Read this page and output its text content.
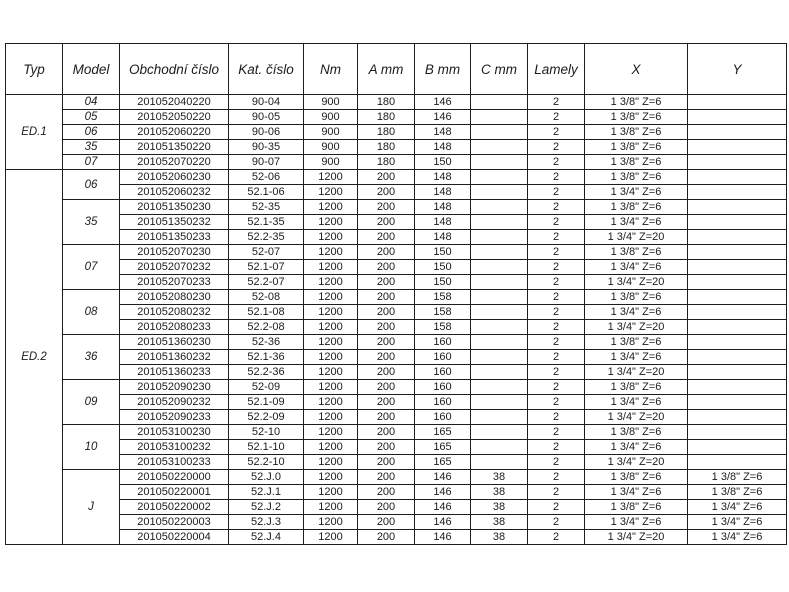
Typ	Model	Obchodní číslo	Kat. číslo	Nm	A mm	B mm	C mm	Lamely	X	Y
ED.1	04	201052040220	90-04	900	180	146		2	1 3/8" Z=6	
	05	201052050220	90-05	900	180	146		2	1 3/8" Z=6	
	06	201052060220	90-06	900	180	148		2	1 3/8" Z=6	
	35	201051350220	90-35	900	180	148		2	1 3/8" Z=6	
	07	201052070220	90-07	900	180	150		2	1 3/8" Z=6	
ED.2	06	201052060230	52-06	1200	200	148		2	1 3/8" Z=6	
		201052060232	52.1-06	1200	200	148		2	1 3/4" Z=6	
	35	201051350230	52-35	1200	200	148		2	1 3/8" Z=6	
		201051350232	52.1-35	1200	200	148		2	1 3/4" Z=6	
		201051350233	52.2-35	1200	200	148		2	1 3/4" Z=20	
	07	201052070230	52-07	1200	200	150		2	1 3/8" Z=6	
		201052070232	52.1-07	1200	200	150		2	1 3/4" Z=6	
		201052070233	52.2-07	1200	200	150		2	1 3/4" Z=20	
	08	201052080230	52-08	1200	200	158		2	1 3/8" Z=6	
		201052080232	52.1-08	1200	200	158		2	1 3/4" Z=6	
		201052080233	52.2-08	1200	200	158		2	1 3/4" Z=20	
	36	201051360230	52-36	1200	200	160		2	1 3/8" Z=6	
		201051360232	52.1-36	1200	200	160		2	1 3/4" Z=6	
		201051360233	52.2-36	1200	200	160		2	1 3/4" Z=20	
	09	201052090230	52-09	1200	200	160		2	1 3/8" Z=6	
		201052090232	52.1-09	1200	200	160		2	1 3/4" Z=6	
		201052090233	52.2-09	1200	200	160		2	1 3/4" Z=20	
	10	201053100230	52-10	1200	200	165		2	1 3/8" Z=6	
		201053100232	52.1-10	1200	200	165		2	1 3/4" Z=6	
		201053100233	52.2-10	1200	200	165		2	1 3/4" Z=20	
	J	201050220000	52.J.0	1200	200	146	38	2	1 3/8" Z=6	1 3/8" Z=6
		201050220001	52.J.1	1200	200	146	38	2	1 3/4" Z=6	1 3/8" Z=6
		201050220002	52.J.2	1200	200	146	38	2	1 3/8" Z=6	1 3/4" Z=6
		201050220003	52.J.3	1200	200	146	38	2	1 3/4" Z=6	1 3/4" Z=6
		201050220004	52.J.4	1200	200	146	38	2	1 3/4" Z=20	1 3/4" Z=6
